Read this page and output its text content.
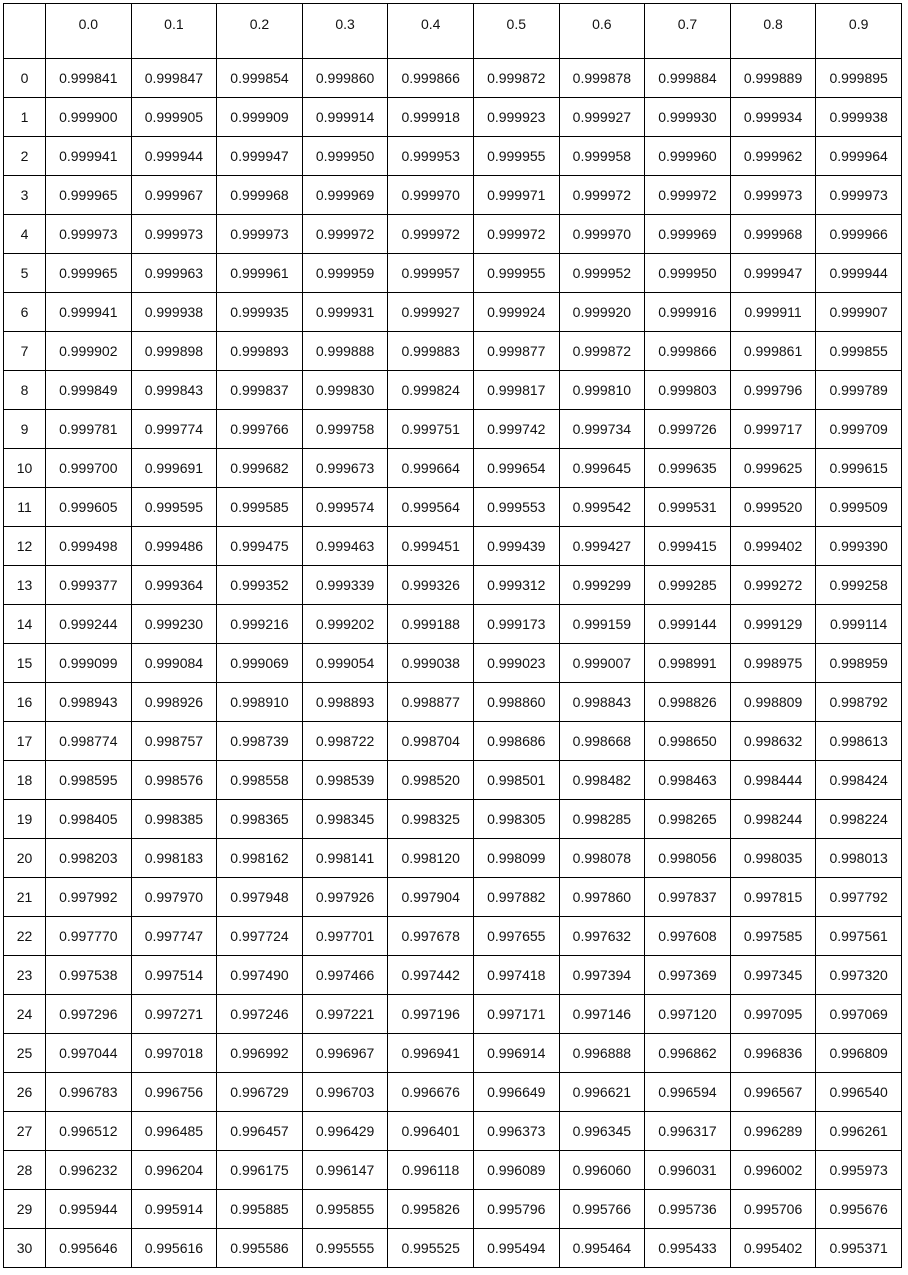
	0.0	0.1	0.2	0.3	0.4	0.5	0.6	0.7	0.8	0.9
0	0.999841	0.999847	0.999854	0.999860	0.999866	0.999872	0.999878	0.999884	0.999889	0.999895
1	0.999900	0.999905	0.999909	0.999914	0.999918	0.999923	0.999927	0.999930	0.999934	0.999938
2	0.999941	0.999944	0.999947	0.999950	0.999953	0.999955	0.999958	0.999960	0.999962	0.999964
3	0.999965	0.999967	0.999968	0.999969	0.999970	0.999971	0.999972	0.999972	0.999973	0.999973
4	0.999973	0.999973	0.999973	0.999972	0.999972	0.999972	0.999970	0.999969	0.999968	0.999966
5	0.999965	0.999963	0.999961	0.999959	0.999957	0.999955	0.999952	0.999950	0.999947	0.999944
6	0.999941	0.999938	0.999935	0.999931	0.999927	0.999924	0.999920	0.999916	0.999911	0.999907
7	0.999902	0.999898	0.999893	0.999888	0.999883	0.999877	0.999872	0.999866	0.999861	0.999855
8	0.999849	0.999843	0.999837	0.999830	0.999824	0.999817	0.999810	0.999803	0.999796	0.999789
9	0.999781	0.999774	0.999766	0.999758	0.999751	0.999742	0.999734	0.999726	0.999717	0.999709
10	0.999700	0.999691	0.999682	0.999673	0.999664	0.999654	0.999645	0.999635	0.999625	0.999615
11	0.999605	0.999595	0.999585	0.999574	0.999564	0.999553	0.999542	0.999531	0.999520	0.999509
12	0.999498	0.999486	0.999475	0.999463	0.999451	0.999439	0.999427	0.999415	0.999402	0.999390
13	0.999377	0.999364	0.999352	0.999339	0.999326	0.999312	0.999299	0.999285	0.999272	0.999258
14	0.999244	0.999230	0.999216	0.999202	0.999188	0.999173	0.999159	0.999144	0.999129	0.999114
15	0.999099	0.999084	0.999069	0.999054	0.999038	0.999023	0.999007	0.998991	0.998975	0.998959
16	0.998943	0.998926	0.998910	0.998893	0.998877	0.998860	0.998843	0.998826	0.998809	0.998792
17	0.998774	0.998757	0.998739	0.998722	0.998704	0.998686	0.998668	0.998650	0.998632	0.998613
18	0.998595	0.998576	0.998558	0.998539	0.998520	0.998501	0.998482	0.998463	0.998444	0.998424
19	0.998405	0.998385	0.998365	0.998345	0.998325	0.998305	0.998285	0.998265	0.998244	0.998224
20	0.998203	0.998183	0.998162	0.998141	0.998120	0.998099	0.998078	0.998056	0.998035	0.998013
21	0.997992	0.997970	0.997948	0.997926	0.997904	0.997882	0.997860	0.997837	0.997815	0.997792
22	0.997770	0.997747	0.997724	0.997701	0.997678	0.997655	0.997632	0.997608	0.997585	0.997561
23	0.997538	0.997514	0.997490	0.997466	0.997442	0.997418	0.997394	0.997369	0.997345	0.997320
24	0.997296	0.997271	0.997246	0.997221	0.997196	0.997171	0.997146	0.997120	0.997095	0.997069
25	0.997044	0.997018	0.996992	0.996967	0.996941	0.996914	0.996888	0.996862	0.996836	0.996809
26	0.996783	0.996756	0.996729	0.996703	0.996676	0.996649	0.996621	0.996594	0.996567	0.996540
27	0.996512	0.996485	0.996457	0.996429	0.996401	0.996373	0.996345	0.996317	0.996289	0.996261
28	0.996232	0.996204	0.996175	0.996147	0.996118	0.996089	0.996060	0.996031	0.996002	0.995973
29	0.995944	0.995914	0.995885	0.995855	0.995826	0.995796	0.995766	0.995736	0.995706	0.995676
30	0.995646	0.995616	0.995586	0.995555	0.995525	0.995494	0.995464	0.995433	0.995402	0.995371
